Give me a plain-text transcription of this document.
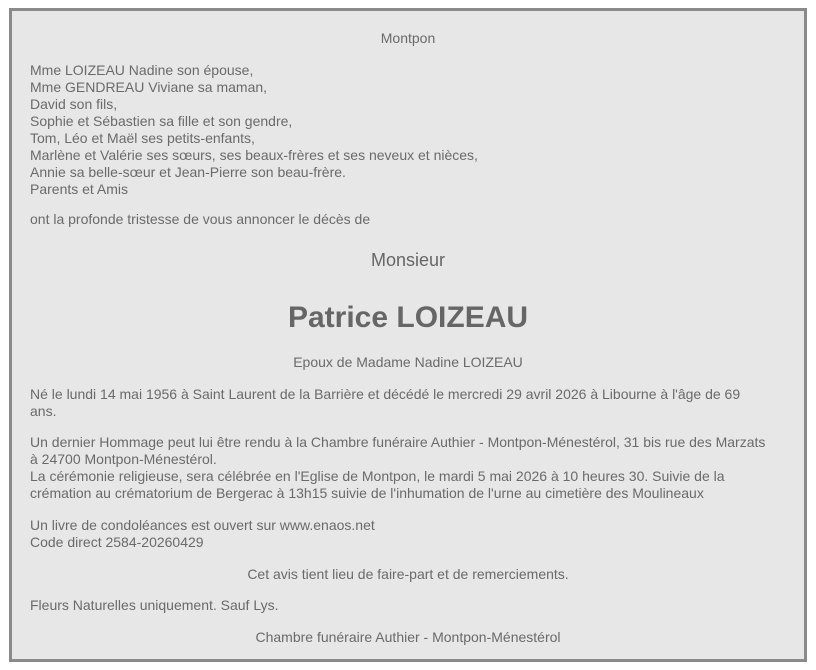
Montpon
Mme LOIZEAU Nadine son épouse,
Mme GENDREAU Viviane sa maman,
David son fils,
Sophie et Sébastien sa fille et son gendre,
Tom, Léo et Maël ses petits-enfants,
Marlène et Valérie ses sœurs, ses beaux-frères et ses neveux et nièces,
Annie sa belle-sœur et Jean-Pierre son beau-frère.
Parents et Amis
ont la profonde tristesse de vous annoncer le décès de
Monsieur
Patrice LOIZEAU
Epoux de Madame Nadine LOIZEAU
Né le lundi 14 mai 1956 à Saint Laurent de la Barrière et décédé le mercredi 29 avril 2026 à Libourne à l'âge de 69
ans.
Un dernier Hommage peut lui être rendu à la Chambre funéraire Authier - Montpon-Ménestérol, 31 bis rue des Marzats
à 24700 Montpon-Ménestérol.
La cérémonie religieuse, sera célébrée en l'Eglise de Montpon, le mardi 5 mai 2026 à 10 heures 30. Suivie de la
crémation au crématorium de Bergerac à 13h15 suivie de l'inhumation de l'urne au cimetière des Moulineaux
Un livre de condoléances est ouvert sur www.enaos.net
Code direct 2584-20260429
Cet avis tient lieu de faire-part et de remerciements.
Fleurs Naturelles uniquement. Sauf Lys.
Chambre funéraire Authier - Montpon-Ménestérol
